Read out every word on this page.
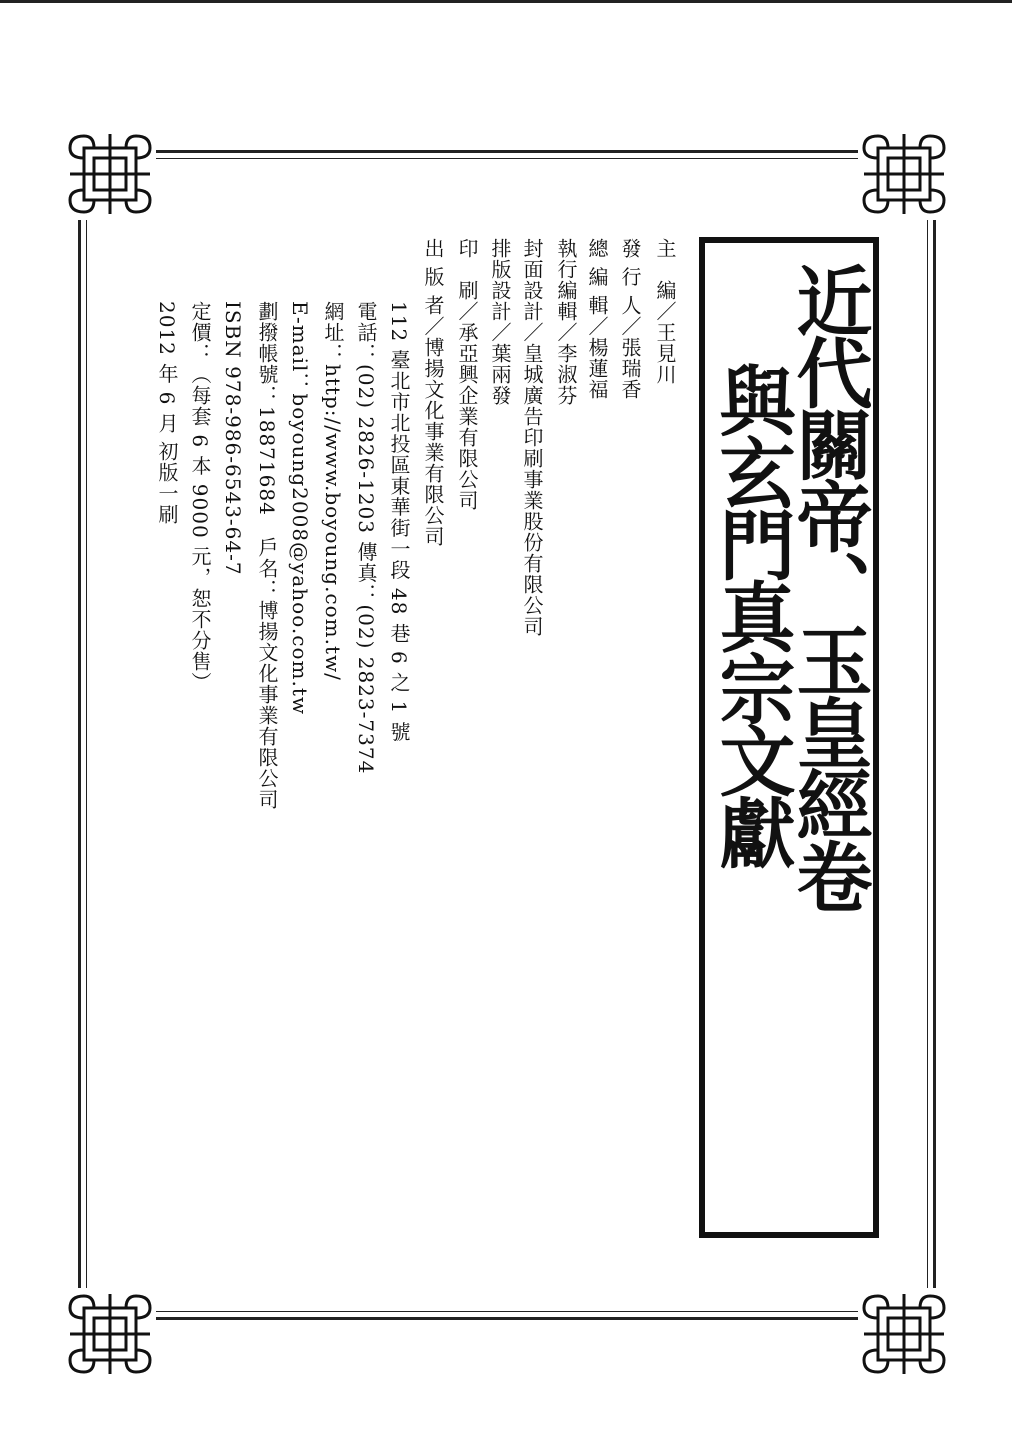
近代關帝、玉皇經卷
與玄門真宗文獻
主　編／王見川
發 行 人／張瑞香
總 編 輯／楊蓮福
執行編輯／李淑芬
封面設計／皇城廣告印刷事業股份有限公司
排版設計／葉兩發
印　刷／承亞興企業有限公司
出 版 者／博揚文化事業有限公司
　　　112 臺北市北投區東華街一段 48 巷 6 之 1 號
　　　電話：(02) 2826-1203 傳真：(02) 2823-7374
　　　網址：http://www.boyoung.com.tw/
　　　E-mail：boyoung2008@yahoo.com.tw
　　　劃撥帳號：18871684　戶名：博揚文化事業有限公司
　　　ISBN 978-986-6543-64-7
　　　定價：（每套 6 本 9000 元，恕不分售）
　　　2012 年 6 月 初版一刷
